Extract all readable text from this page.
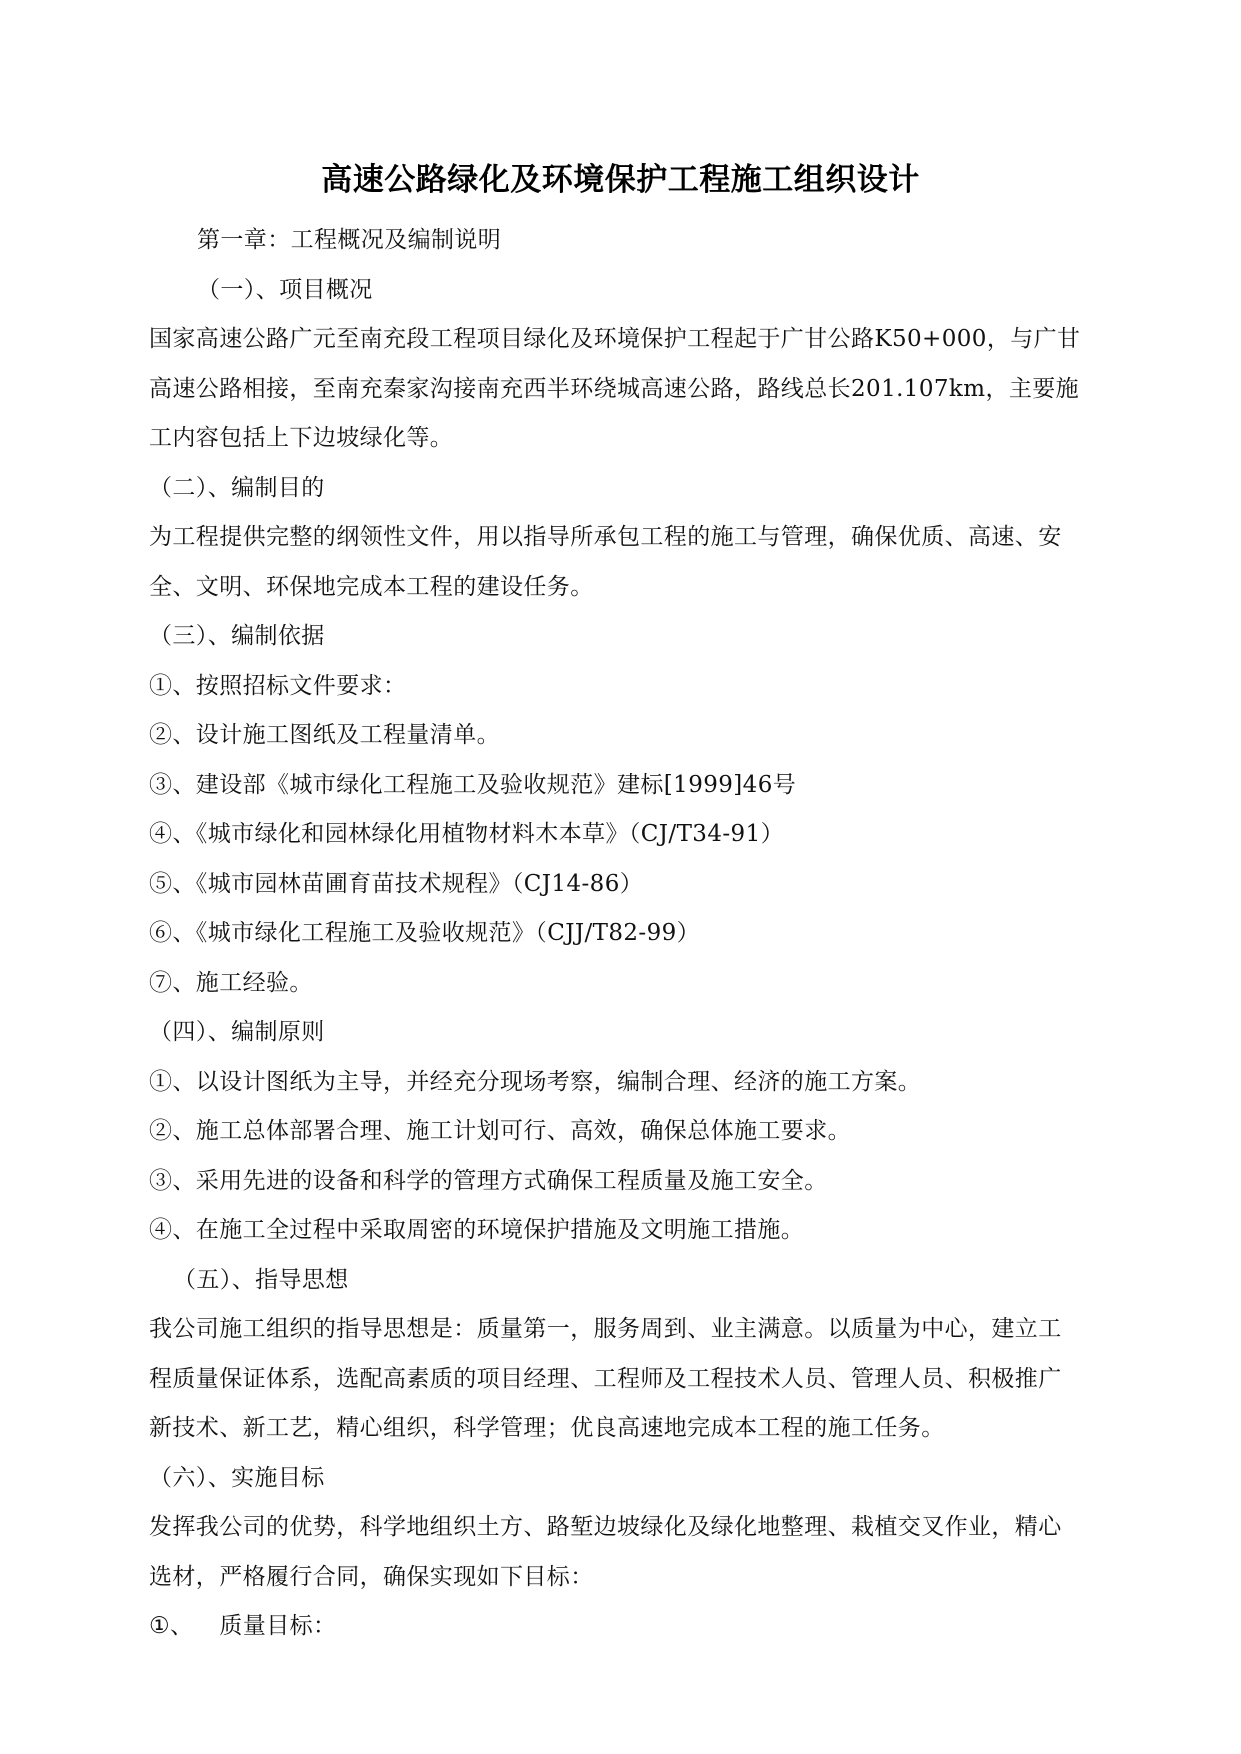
高速公路绿化及环境保护工程施工组织设计

第一章：工程概况及编制说明

（一）、项目概况

国家高速公路广元至南充段工程项目绿化及环境保护工程起于广甘公路K50+000，与广甘

高速公路相接，至南充秦家沟接南充西半环绕城高速公路，路线总长201.107km，主要施

工内容包括上下边坡绿化等。

（二）、编制目的

为工程提供完整的纲领性文件，用以指导所承包工程的施工与管理，确保优质、高速、安

全、文明、环保地完成本工程的建设任务。

（三）、编制依据

①、按照招标文件要求：

②、设计施工图纸及工程量清单。

③、建设部《城市绿化工程施工及验收规范》建标[1999]46号

④、《城市绿化和园林绿化用植物材料木本草》（CJ/T34-91）

⑤、《城市园林苗圃育苗技术规程》（CJ14-86）

⑥、《城市绿化工程施工及验收规范》（CJJ/T82-99）

⑦、施工经验。

（四）、编制原则

①、以设计图纸为主导，并经充分现场考察，编制合理、经济的施工方案。

②、施工总体部署合理、施工计划可行、高效，确保总体施工要求。

③、采用先进的设备和科学的管理方式确保工程质量及施工安全。

④、在施工全过程中采取周密的环境保护措施及文明施工措施。

（五）、指导思想

我公司施工组织的指导思想是：质量第一，服务周到、业主满意。以质量为中心，建立工

程质量保证体系，选配高素质的项目经理、工程师及工程技术人员、管理人员、积极推广

新技术、新工艺，精心组织，科学管理；优良高速地完成本工程的施工任务。

（六）、实施目标

发挥我公司的优势，科学地组织土方、路堑边坡绿化及绿化地整理、栽植交叉作业，精心

选材，严格履行合同，确保实现如下目标：

①、 质量目标：
